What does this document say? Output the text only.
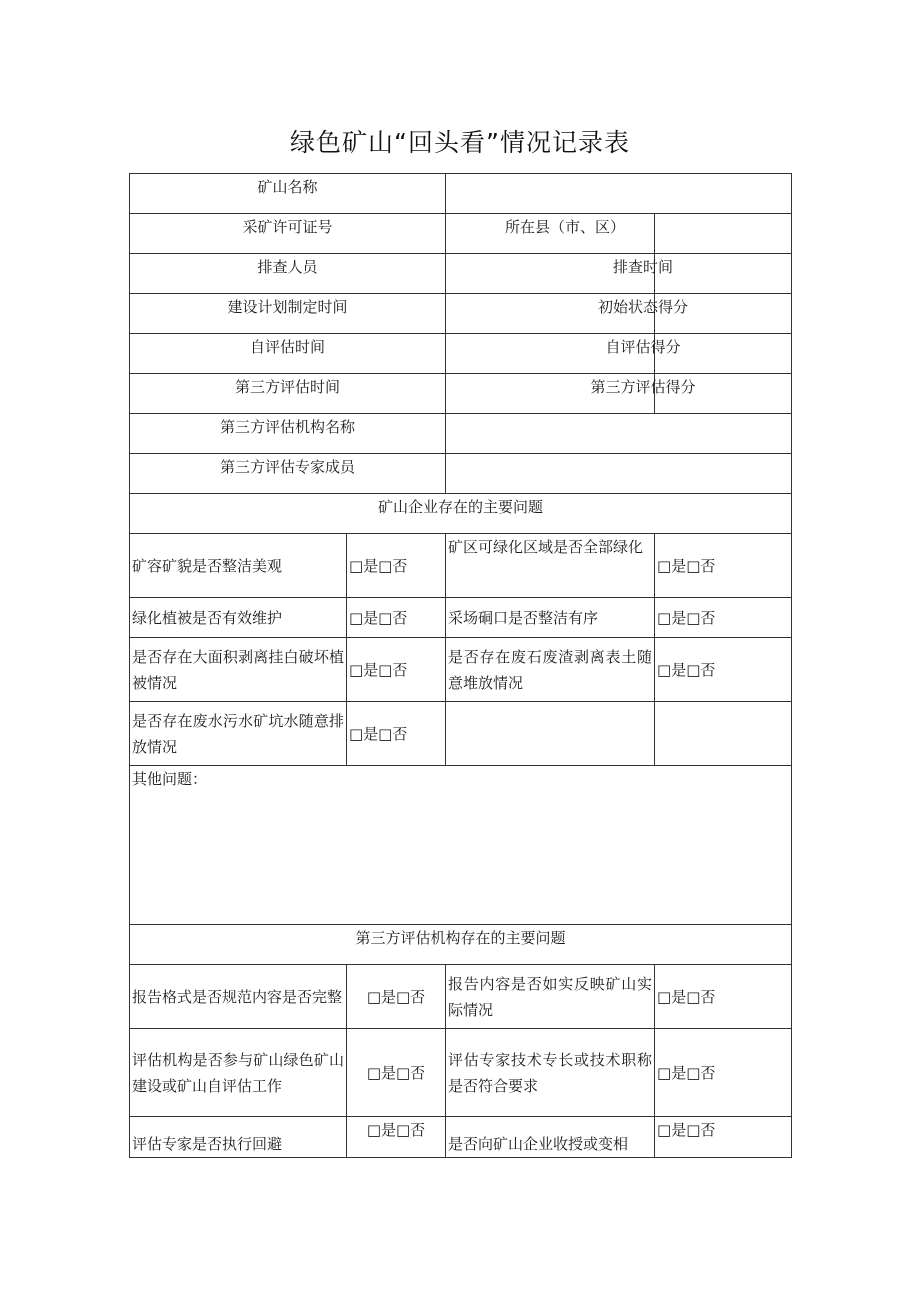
绿色矿山“回头看”情况记录表
矿山名称			
采矿许可证号			所在县（市、区）
排查人员			排查时间
建设计划制定时间			初始状态得分
自评估时间			自评估得分
第三方评估时间			第三方评估得分
第三方评估机构名称			
第三方评估专家成员			
矿山企业存在的主要问题			
矿容矿貌是否整洁美观	□是□否	矿区可绿化区域是否全部绿化	□是□否
绿化植被是否有效维护	□是□否	采场硐口是否整洁有序	□是□否
是否存在大面积剥离挂白破坏植被情况	□是□否	是否存在废石废渣剥离表土随意堆放情况	□是□否
是否存在废水污水矿坑水随意排放情况	□是□否		
其他问题：			
第三方评估机构存在的主要问题			
报告格式是否规范内容是否完整	□是□否	报告内容是否如实反映矿山实际情况	□是□否
评估机构是否参与矿山绿色矿山建设或矿山自评估工作	□是□否	评估专家技术专长或技术职称是否符合要求	□是□否
评估专家是否执行回避	□是□否	是否向矿山企业收授或变相	□是□否
